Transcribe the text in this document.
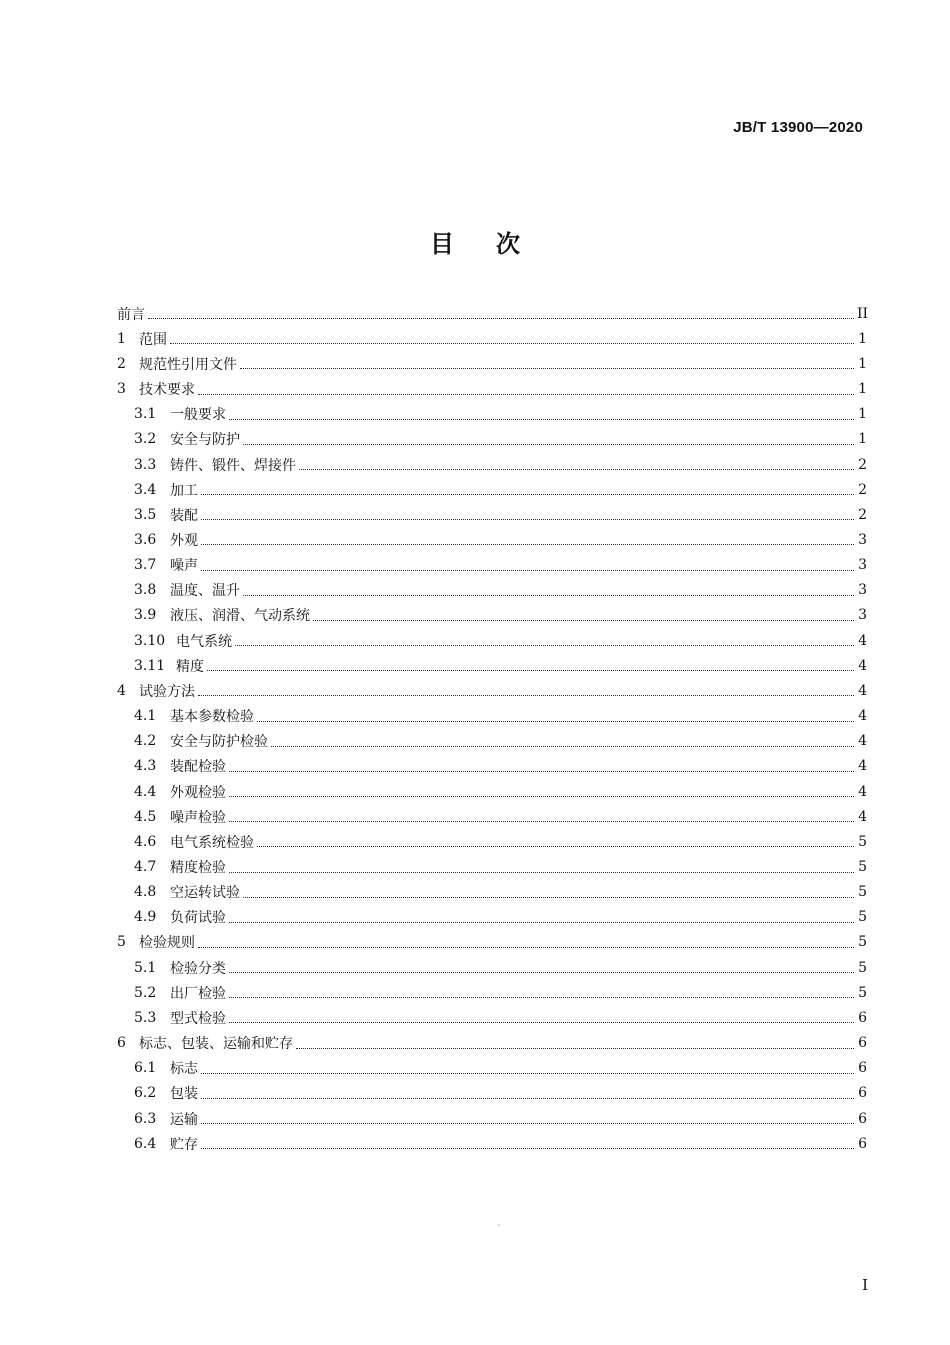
JB/T 13900—2020
目次
前言	II
1 范围	1
2 规范性引用文件	1
3 技术要求	1
3.1 一般要求	1
3.2 安全与防护	1
3.3 铸件、锻件、焊接件	2
3.4 加工	2
3.5 装配	2
3.6 外观	3
3.7 噪声	3
3.8 温度、温升	3
3.9 液压、润滑、气动系统	3
3.10 电气系统	4
3.11 精度	4
4 试验方法	4
4.1 基本参数检验	4
4.2 安全与防护检验	4
4.3 装配检验	4
4.4 外观检验	4
4.5 噪声检验	4
4.6 电气系统检验	5
4.7 精度检验	5
4.8 空运转试验	5
4.9 负荷试验	5
5 检验规则	5
5.1 检验分类	5
5.2 出厂检验	5
5.3 型式检验	6
6 标志、包装、运输和贮存	6
6.1 标志	6
6.2 包装	6
6.3 运输	6
6.4 贮存	6
I
